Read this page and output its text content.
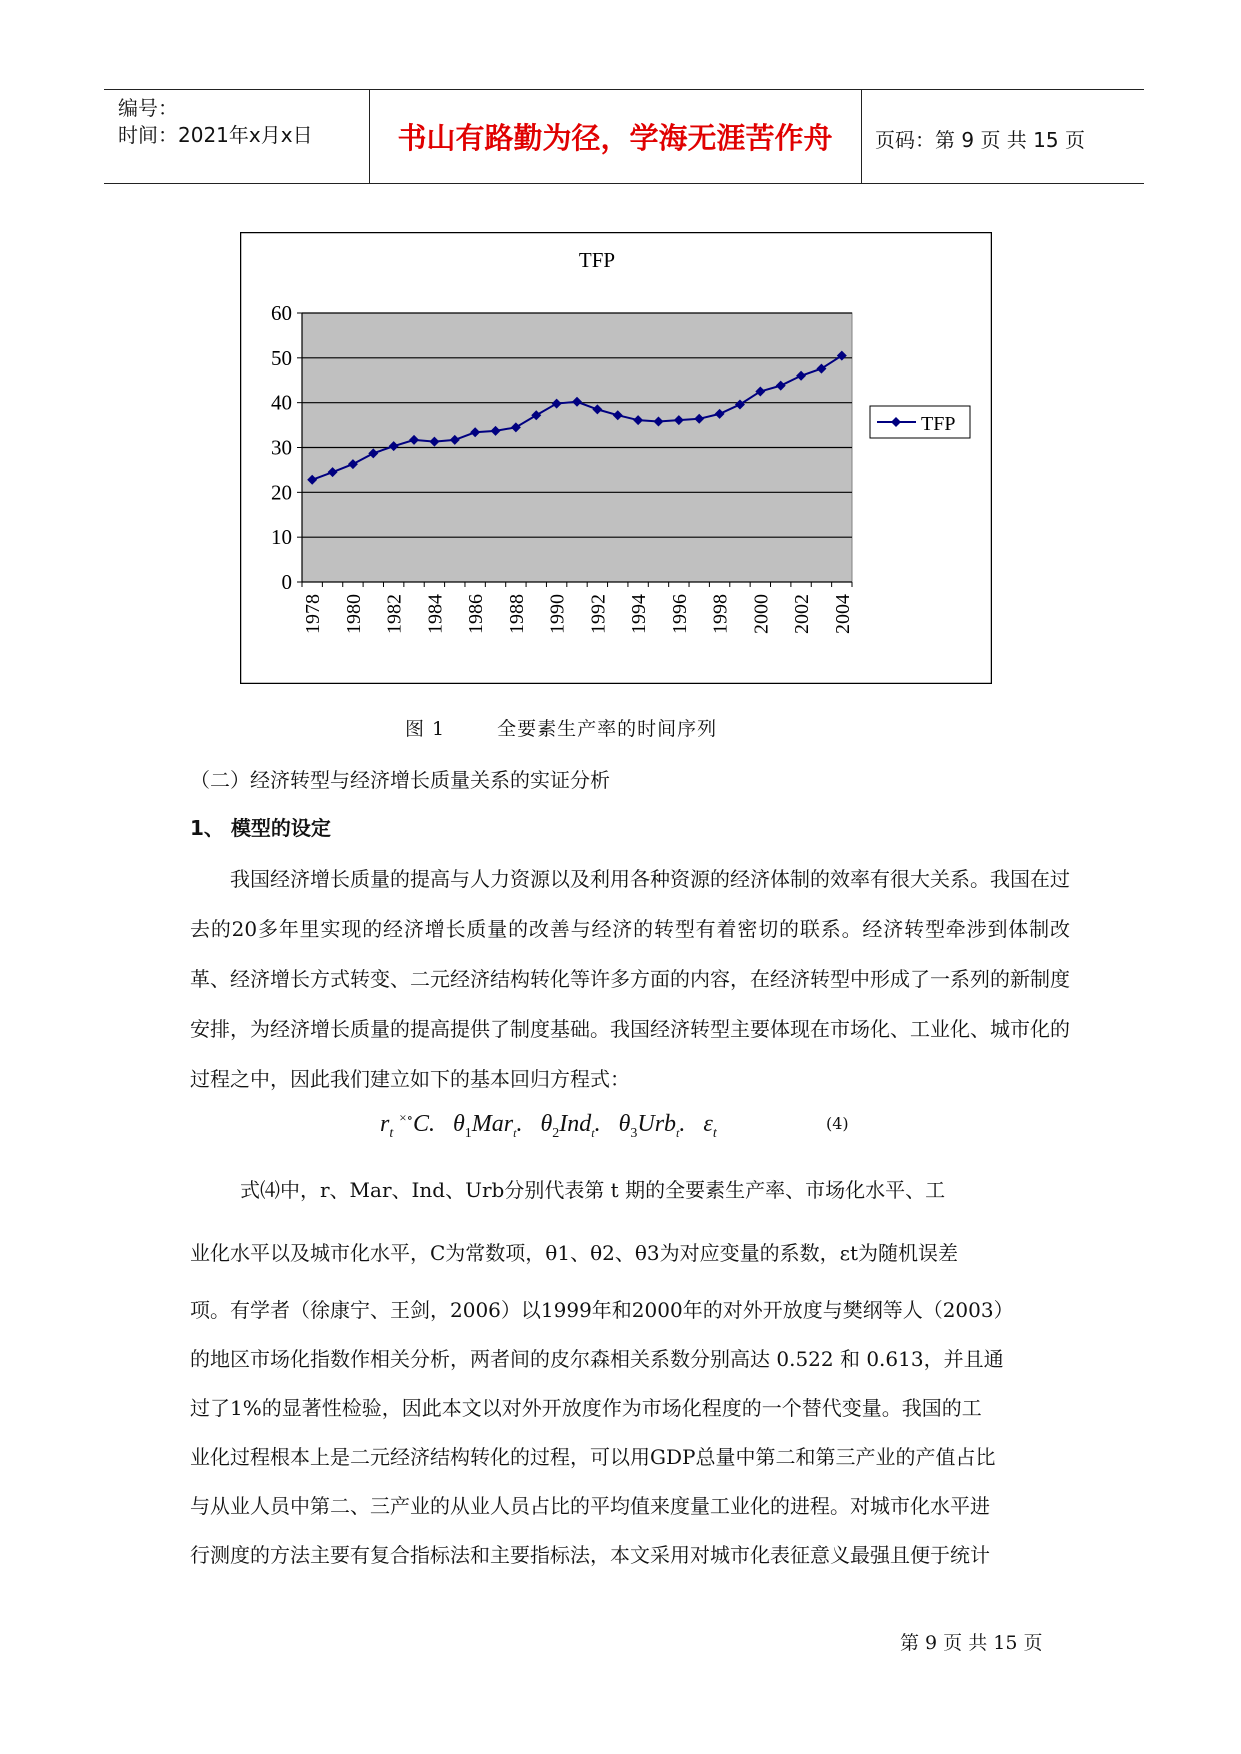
编号：
时间：2021年x月x日	书山有路勤为径，学海无涯苦作舟	页码：第 9 页 共 15 页
TFP
0
10
20
30
40
50
60
1978 1980 1982 1984 1986 1988 1990 1992 1994 1996 1998 2000 2002 2004
TFP
图 1	全要素生产率的时间序列
（二）经济转型与经济增长质量关系的实证分析
1、 模型的设定
我国经济增长质量的提高与人力资源以及利用各种资源的经济体制的效率有很大关系。我国在过去的20多年里实现的经济增长质量的改善与经济的转型有着密切的联系。经济转型牵涉到体制改革、经济增长方式转变、二元经济结构转化等许多方面的内容，在经济转型中形成了一系列的新制度安排，为经济增长质量的提高提供了制度基础。我国经济转型主要体现在市场化、工业化、城市化的过程之中，因此我们建立如下的基本回归方程式：
$r_t$ ×∘C.   $\theta_1Mar_t$.   $\theta_2Ind_t$.   $\theta_3Urb_t$.   $\varepsilon_t$
(4)
式⑷中，r、Mar、Ind、Urb分别代表第 t 期的全要素生产率、市场化水平、工
业化水平以及城市化水平，C为常数项，θ1、θ2、θ3为对应变量的系数，εt为随机误差
项。有学者（徐康宁、王剑，2006）以1999年和2000年的对外开放度与樊纲等人（2003）
的地区市场化指数作相关分析，两者间的皮尔森相关系数分别高达 0.522 和 0.613，并且通
过了1%的显著性检验，因此本文以对外开放度作为市场化程度的一个替代变量。我国的工
业化过程根本上是二元经济结构转化的过程，可以用GDP总量中第二和第三产业的产值占比
与从业人员中第二、三产业的从业人员占比的平均值来度量工业化的进程。对城市化水平进
行测度的方法主要有复合指标法和主要指标法，本文采用对城市化表征意义最强且便于统计
第 9 页 共 15 页
